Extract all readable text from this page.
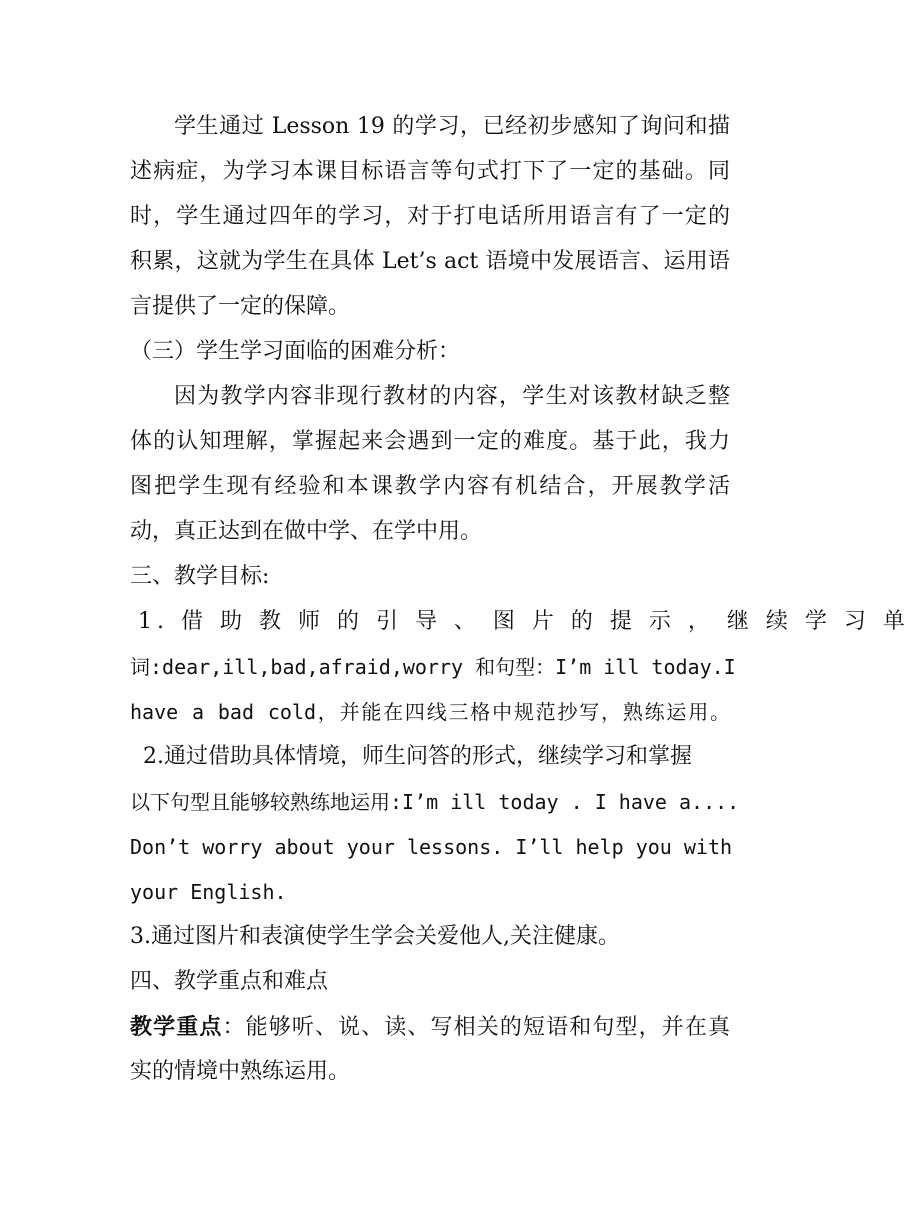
学生通过 Lesson 19 的学习，已经初步感知了询问和描
述病症，为学习本课目标语言等句式打下了一定的基础。同
时，学生通过四年的学习，对于打电话所用语言有了一定的
积累，这就为学生在具体 Let’s act 语境中发展语言、运用语
言提供了一定的保障。
（三）学生学习面临的困难分析：
因为教学内容非现行教材的内容，学生对该教材缺乏整
体的认知理解，掌握起来会遇到一定的难度。基于此，我力
图把学生现有经验和本课教学内容有机结合，开展教学活
动，真正达到在做中学、在学中用。
三、教学目标:
1. 借 助 教 师 的 引 导 、 图 片 的 提 示 ， 继 续 学 习 单
词:dear,ill,bad,afraid,worry 和句型：I’m ill today.I
have a bad cold，并能在四线三格中规范抄写，熟练运用。
2.通过借助具体情境，师生问答的形式，继续学习和掌握
以下句型且能够较熟练地运用:I’m ill today . I have a....
Don’t worry about your lessons. I’ll help you with
your English.
3.通过图片和表演使学生学会关爱他人,关注健康。
四、教学重点和难点
教学重点：能够听、说、读、写相关的短语和句型，并在真
实的情境中熟练运用。
